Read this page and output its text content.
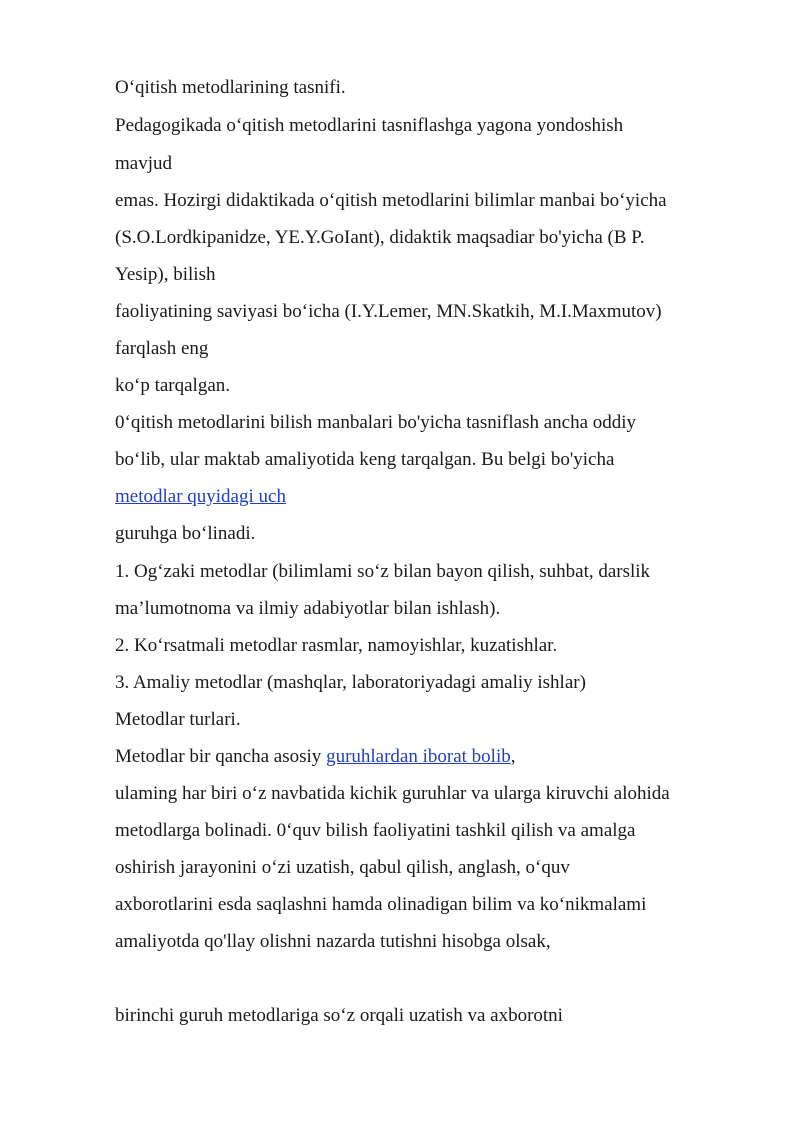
O‘qitish metodlarining tasnifi.
Pedagogikada o‘qitish metodlarini tasniflashga yagona yondoshish
mavjud
emas. Hozirgi didaktikada o‘qitish metodlarini bilimlar manbai bo‘yicha
(S.O.Lordkipanidze, YE.Y.GoIant), didaktik maqsadiar bo'yicha (B P.
Yesip), bilish
faoliyatining saviyasi bo‘icha (I.Y.Lemer, MN.Skatkih, M.I.Maxmutov)
farqlash eng
ko‘p tarqalgan.
0‘qitish metodlarini bilish manbalari bo'yicha tasniflash ancha oddiy
bo‘lib, ular maktab amaliyotida keng tarqalgan. Bu belgi bo'yicha
metodlar quyidagi uch
guruhga bo‘linadi.
1. Og‘zaki metodlar (bilimlami so‘z bilan bayon qilish, suhbat, darslik
ma’lumotnoma va ilmiy adabiyotlar bilan ishlash).
2. Ko‘rsatmali metodlar rasmlar, namoyishlar, kuzatishlar.
3. Amaliy metodlar (mashqlar, laboratoriyadagi amaliy ishlar)
Metodlar turlari.
Metodlar bir qancha asosiy guruhlardan iborat bolib,
ulaming har biri o‘z navbatida kichik guruhlar va ularga kiruvchi alohida
metodlarga bolinadi. 0‘quv bilish faoliyatini tashkil qilish va amalga
oshirish jarayonini o‘zi uzatish, qabul qilish, anglash, o‘quv
axborotlarini esda saqlashni hamda olinadigan bilim va ko‘nikmalami
amaliyotda qo'llay olishni nazarda tutishni hisobga olsak,
birinchi guruh metodlariga so‘z orqali uzatish va axborotni
